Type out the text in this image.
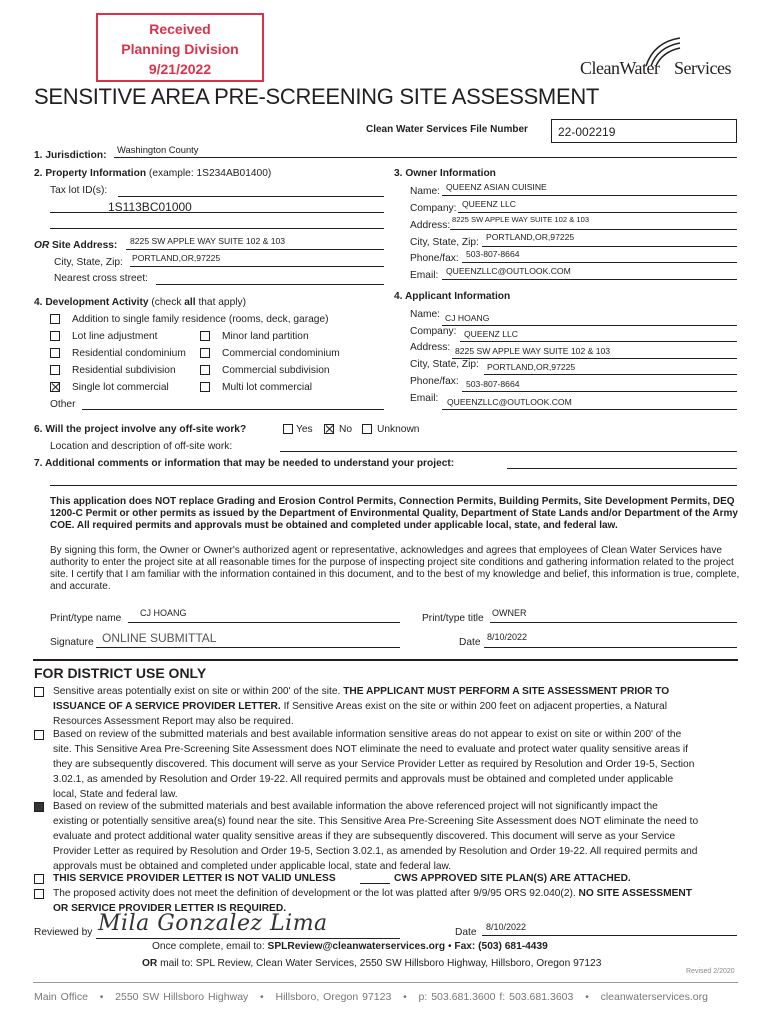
Received
Planning Division
9/21/2022	CleanWater Services
SENSITIVE AREA PRE-SCREENING SITE ASSESSMENT
Clean Water Services File Number	22-002219
1. Jurisdiction:
Washington County
2. Property Information (example: 1S234AB01400)
Tax lot ID(s):
1S113BC01000
OR Site Address: 8225 SW APPLE WAY SUITE 102 & 103
City, State, Zip: PORTLAND,OR,97225
Nearest cross street:
3. Owner Information
Name: QUEENZ ASIAN CUISINE
Company: QUEENZ LLC
8225 SW APPLE WAY SUITE 102 & 103
Address:
City, State, Zip: PORTLAND,OR,97225
Phone/fax: 503-807-8664
Email: QUEENZLLC@OUTLOOK.COM
4. Development Activity (check all that apply)
Addition to single family residence (rooms, deck, garage)
Lot line adjustment	Minor land partition
Residential condominium	Commercial condominium
Residential subdivision	Commercial subdivision
Single lot commercial	Multi lot commercial
Other
4. Applicant Information
Name: CJ HOANG
Company: QUEENZ LLC
Address: 8225 SW APPLE WAY SUITE 102 & 103
City, State, Zip: PORTLAND,OR,97225
Phone/fax: 503-807-8664
Email: QUEENZLLC@OUTLOOK.COM
6. Will the project involve any off-site work?	Yes	No Unknown
Location and description of off-site work:
7. Additional comments or information that may be needed to understand your project:
This application does NOT replace Grading and Erosion Control Permits, Connection Permits, Building Permits, Site Development Permits, DEQ 1200-C Permit or other permits as issued by the Department of Environmental Quality, Department of State Lands and/or Department of the Army COE. All required permits and approvals must be obtained and completed under applicable local, state, and federal law.
By signing this form, the Owner or Owner's authorized agent or representative, acknowledges and agrees that employees of Clean Water Services have authority to enter the project site at all reasonable times for the purpose of inspecting project site conditions and gathering information related to the project site. I certify that I am familiar with the information contained in this document, and to the best of my knowledge and belief, this information is true, complete, and accurate.
Print/type name CJ HOANG	Print/type title OWNER
Signature ONLINE SUBMITTAL	Date 8/10/2022
FOR DISTRICT USE ONLY
Sensitive areas potentially exist on site or within 200' of the site. THE APPLICANT MUST PERFORM A SITE ASSESSMENT PRIOR TO
ISSUANCE OF A SERVICE PROVIDER LETTER. If Sensitive Areas exist on the site or within 200 feet on adjacent properties, a Natural
Resources Assessment Report may also be required.
Based on review of the submitted materials and best available information sensitive areas do not appear to exist on site or within 200' of the
site. This Sensitive Area Pre-Screening Site Assessment does NOT eliminate the need to evaluate and protect water quality sensitive areas if
they are subsequently discovered. This document will serve as your Service Provider Letter as required by Resolution and Order 19-5, Section
3.02.1, as amended by Resolution and Order 19-22. All required permits and approvals must be obtained and completed under applicable
local, State and federal law.
Based on review of the submitted materials and best available information the above referenced project will not significantly impact the
existing or potentially sensitive area(s) found near the site. This Sensitive Area Pre-Screening Site Assessment does NOT eliminate the need to
evaluate and protect additional water quality sensitive areas if they are subsequently discovered. This document will serve as your Service
Provider Letter as required by Resolution and Order 19-5, Section 3.02.1, as amended by Resolution and Order 19-22. All required permits and
approvals must be obtained and completed under applicable local, state and federal law.
THIS SERVICE PROVIDER LETTER IS NOT VALID UNLESS	CWS APPROVED SITE PLAN(S) ARE ATTACHED.
The proposed activity does not meet the definition of development or the lot was platted after 9/9/95 ORS 92.040(2). NO SITE ASSESSMENT
OR SERVICE PROVIDER LETTER IS REQUIRED.
Reviewed by Mila Gonzalez Lima	Date 8/10/2022
Once complete, email to: SPLReview@cleanwaterservices.org • Fax: (503) 681-4439
OR mail to: SPL Review, Clean Water Services, 2550 SW Hillsboro Highway, Hillsboro, Oregon 97123
Revised 2/2020
Main Office • 2550 SW Hillsboro Highway • Hillsboro, Oregon 97123 • p: 503.681.3600 f: 503.681.3603 • cleanwaterservices.org
